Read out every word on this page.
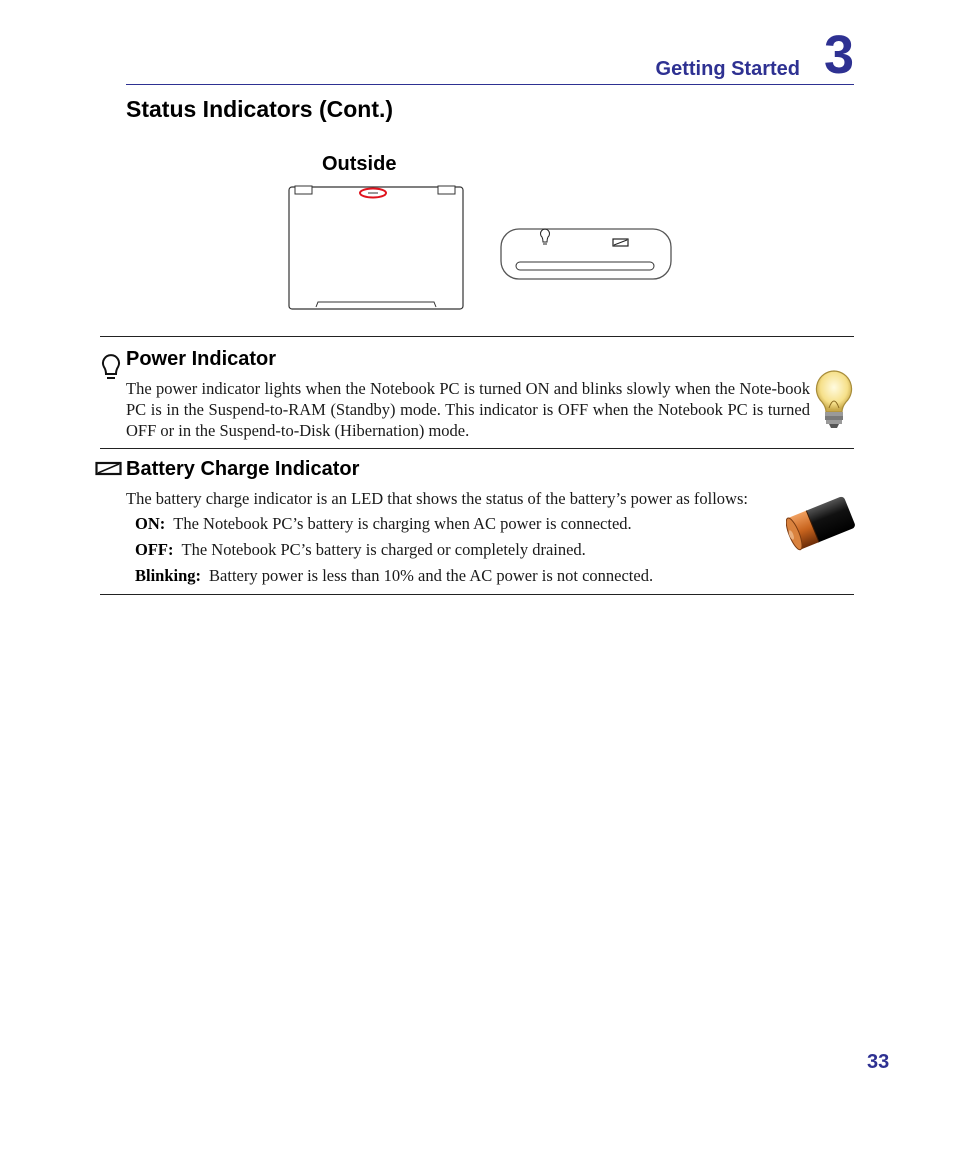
Getting Started 3
Status Indicators (Cont.)
Outside
Power Indicator
The power indicator lights when the Notebook PC is turned ON and blinks slowly when the Note-book PC is in the Suspend-to-RAM (Standby) mode. This indicator is OFF when the Notebook PC is turned OFF or in the Suspend-to-Disk (Hibernation) mode.
Battery Charge Indicator
The battery charge indicator is an LED that shows the status of the battery’s power as follows:
ON: The Notebook PC’s battery is charging when AC power is connected.
OFF: The Notebook PC’s battery is charged or completely drained.
Blinking: Battery power is less than 10% and the AC power is not connected.
33
